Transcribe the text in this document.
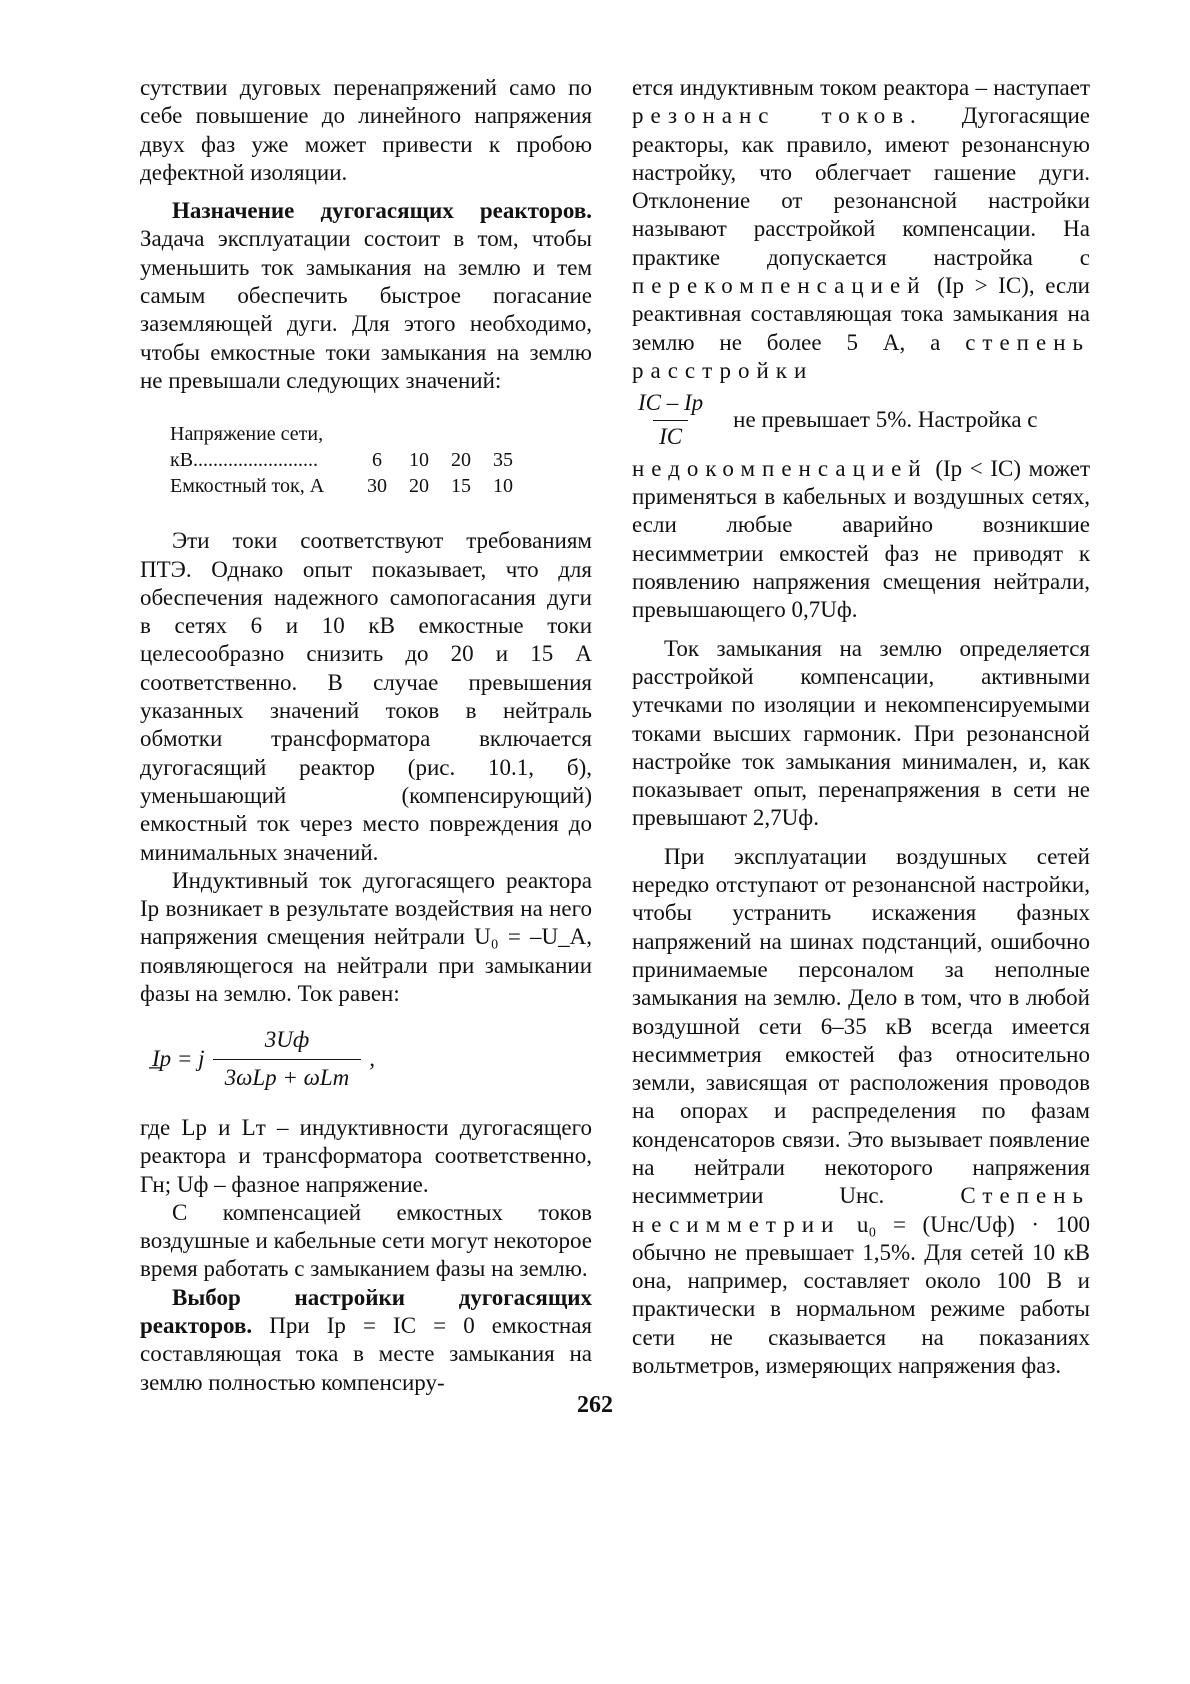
сутствии дуговых перенапряжений само по себе повышение до линейного напряжения двух фаз уже может привести к пробою дефектной изоляции.

Назначение дугогасящих реакторов. Задача эксплуатации состоит в том, чтобы уменьшить ток замыкания на землю и тем самым обеспечить быстрое погасание заземляющей дуги. Для этого необходимо, чтобы емкостные токи замыкания на землю не превышали следующих значений:

Напряжение сети,
кВ.........................	6	10	20	35
Емкостный ток, А	30	20	15	10

Эти токи соответствуют требованиям ПТЭ. Однако опыт показывает, что для обеспечения надежного самопогасания дуги в сетях 6 и 10 кВ емкостные токи целесообразно снизить до 20 и 15 А соответственно. В случае превышения указанных значений токов в нейтраль обмотки трансформатора включается дугогасящий реактор (рис. 10.1, б), уменьшающий (компенсирующий) емкостный ток через место повреждения до минимальных значений.

Индуктивный ток дугогасящего реактора Iр возникает в результате воздействия на него напряжения смещения нейтрали U₀ = –U_A, появляющегося на нейтрали при замыкании фазы на землю. Ток равен:

I̲р = j $\frac{3Uф}{\text{3ωLр + ωLт}}$ ,

где Lр и Lт – индуктивности дугогасящего реактора и трансформатора соответственно, Гн; Uф – фазное напряжение.

С компенсацией емкостных токов воздушные и кабельные сети могут некоторое время работать с замыканием фазы на землю.

Выбор настройки дугогасящих реакторов. При Iр = IC = 0 емкостная составляющая тока в месте замыкания на землю полностью компенсиру-

ется индуктивным током реактора – наступает резонанс токов. Дугогасящие реакторы, как правило, имеют резонансную настройку, что облегчает гашение дуги. Отклонение от резонансной настройки называют расстройкой компенсации. На практике допускается настройка с перекомпенсацией (Iр > IC), если реактивная составляющая тока замыкания на землю не более 5 А, а степень расстройки

$\frac{IC - Iр}{IC}$ не превышает 5%. Настройка с

недокомпенсацией (Iр < IC) может применяться в кабельных и воздушных сетях, если любые аварийно возникшие несимметрии емкостей фаз не приводят к появлению напряжения смещения нейтрали, превышающего 0,7Uф.

Ток замыкания на землю определяется расстройкой компенсации, активными утечками по изоляции и некомпенсируемыми токами высших гармоник. При резонансной настройке ток замыкания минимален, и, как показывает опыт, перенапряжения в сети не превышают 2,7Uф.

При эксплуатации воздушных сетей нередко отступают от резонансной настройки, чтобы устранить искажения фазных напряжений на шинах подстанций, ошибочно принимаемые персоналом за неполные замыкания на землю. Дело в том, что в любой воздушной сети 6–35 кВ всегда имеется несимметрия емкостей фаз относительно земли, зависящая от расположения проводов на опорах и распределения по фазам конденсаторов связи. Это вызывает появление на нейтрали некоторого напряжения несимметрии Uнс.	Степень несимметрии u₀ = (Uнс/Uф) · 100 обычно не превышает 1,5%. Для сетей 10 кВ она, например, составляет около 100 В и практически в нормальном режиме работы сети не сказывается на показаниях вольтметров, измеряющих напряжения фаз.

262
